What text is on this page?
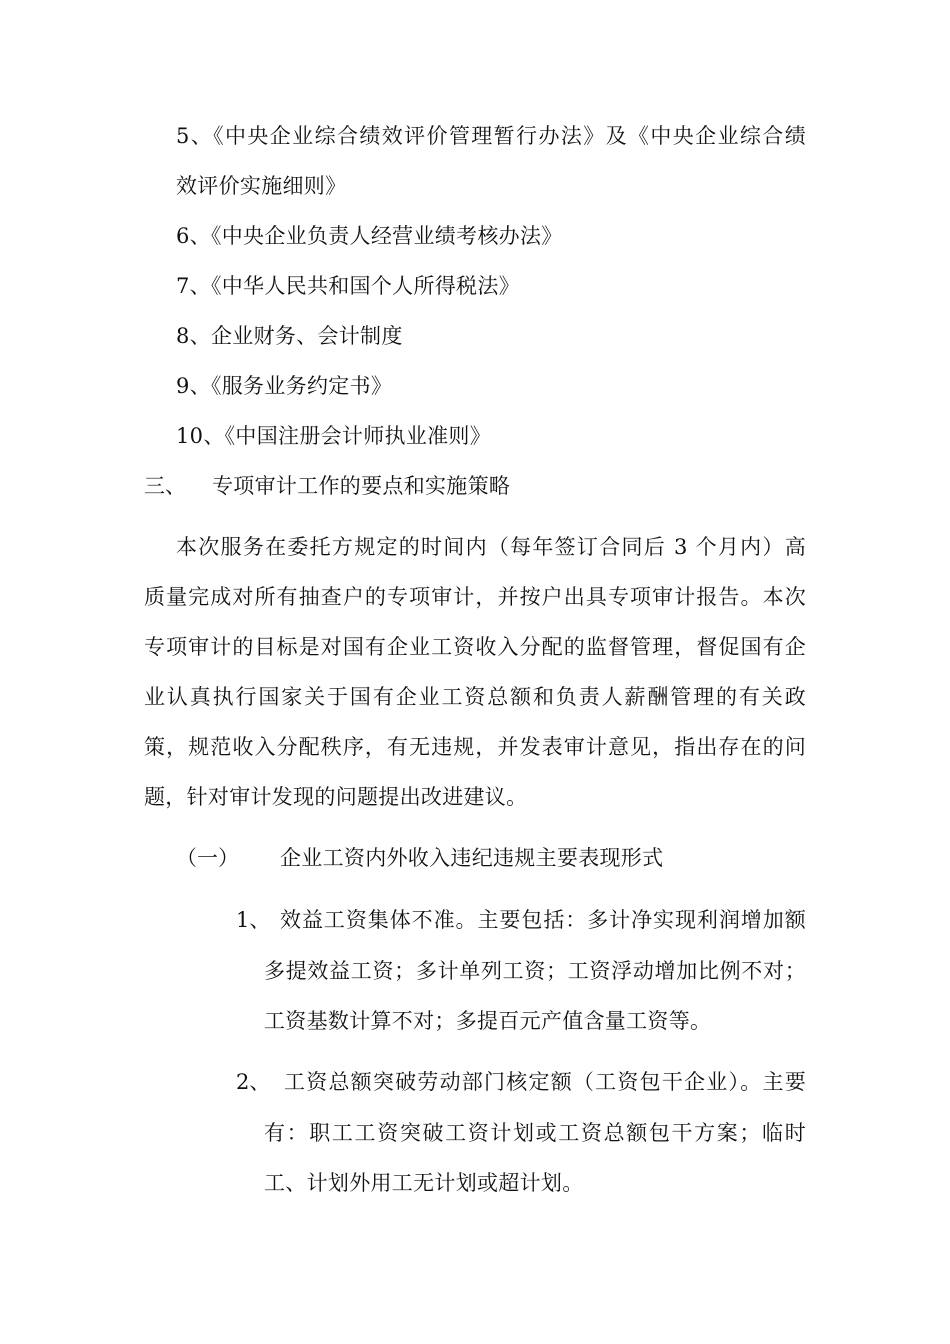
5、《中央企业综合绩效评价管理暂行办法》及《中央企业综合绩
效评价实施细则》
6、《中央企业负责人经营业绩考核办法》
7、《中华人民共和国个人所得税法》
8、企业财务、会计制度
9、《服务业务约定书》
10、《中国注册会计师执业准则》
三、 专项审计工作的要点和实施策略
本次服务在委托方规定的时间内（每年签订合同后 3 个月内）高
质量完成对所有抽查户的专项审计，并按户出具专项审计报告。本次
专项审计的目标是对国有企业工资收入分配的监督管理，督促国有企
业认真执行国家关于国有企业工资总额和负责人薪酬管理的有关政
策，规范收入分配秩序，有无违规，并发表审计意见，指出存在的问
题，针对审计发现的问题提出改进建议。
（一） 企业工资内外收入违纪违规主要表现形式
1、 效益工资集体不准。主要包括：多计净实现利润增加额
多提效益工资；多计单列工资；工资浮动增加比例不对；
工资基数计算不对；多提百元产值含量工资等。
2、 工资总额突破劳动部门核定额（工资包干企业）。主要
有：职工工资突破工资计划或工资总额包干方案；临时
工、计划外用工无计划或超计划。
